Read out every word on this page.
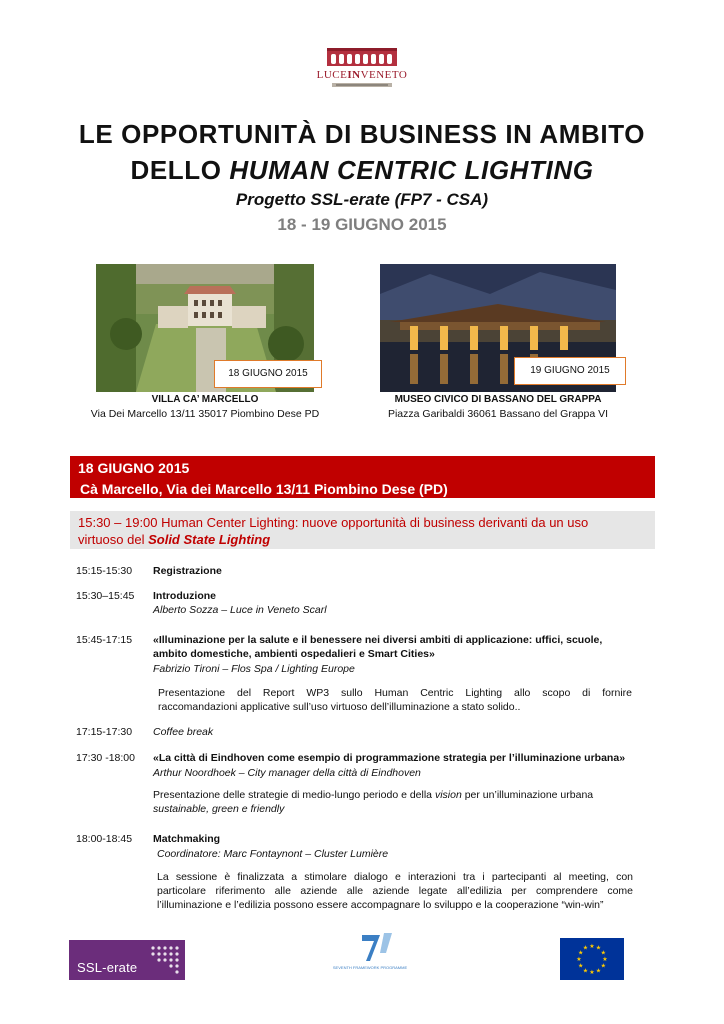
LUCEINVENETO
LE OPPORTUNITÀ DI BUSINESS IN AMBITO
DELLO HUMAN CENTRIC LIGHTING
Progetto SSL-erate (FP7 - CSA)
18 - 19 GIUGNO 2015
18 GIUGNO 2015
VILLA CA’ MARCELLO
Via Dei Marcello 13/11 35017 Piombino Dese PD
19 GIUGNO 2015
MUSEO CIVICO DI BASSANO DEL GRAPPA
Piazza Garibaldi 36061 Bassano del Grappa VI
18 GIUGNO 2015
Cà Marcello, Via dei Marcello 13/11 Piombino Dese (PD)
15:30 – 19:00 Human Center Lighting: nuove opportunità di business derivanti da un uso
virtuoso del Solid State Lighting
15:15-15:30 Registrazione
15:30–15:45 Introduzione
Alberto Sozza – Luce in Veneto Scarl
15:45-17:15 «Illuminazione per la salute e il benessere nei diversi ambiti di applicazione: uffici, scuole,
ambito domestiche, ambienti ospedalieri e Smart Cities»
Fabrizio Tironi – Flos Spa / Lighting Europe
Presentazione del Report WP3 sullo Human Centric Lighting allo scopo di fornire
raccomandazioni applicative sull’uso virtuoso dell’illuminazione a stato solido..
17:15-17:30 Coffee break
17:30 -18:00 «La città di Eindhoven come esempio di programmazione strategia per l’illuminazione urbana»
Arthur Noordhoek – City manager della città di Eindhoven
Presentazione delle strategie di medio-lungo periodo e della vision per un’illuminazione urbana
sustainable, green e friendly
18:00-18:45 Matchmaking
Coordinatore: Marc Fontaynont – Cluster Lumière
La sessione è finalizzata a stimolare dialogo e interazioni tra i partecipanti al meeting, con
particolare riferimento alle aziende alle aziende legate all’edilizia per comprendere come
l’illuminazione e l’edilizia possono essere accompagnare lo sviluppo e la cooperazione “win-win”
SSL-erate	SEVENTH FRAMEWORK PROGRAMME
★ ★
★
★
★
★
★
★
★
★
★
★
